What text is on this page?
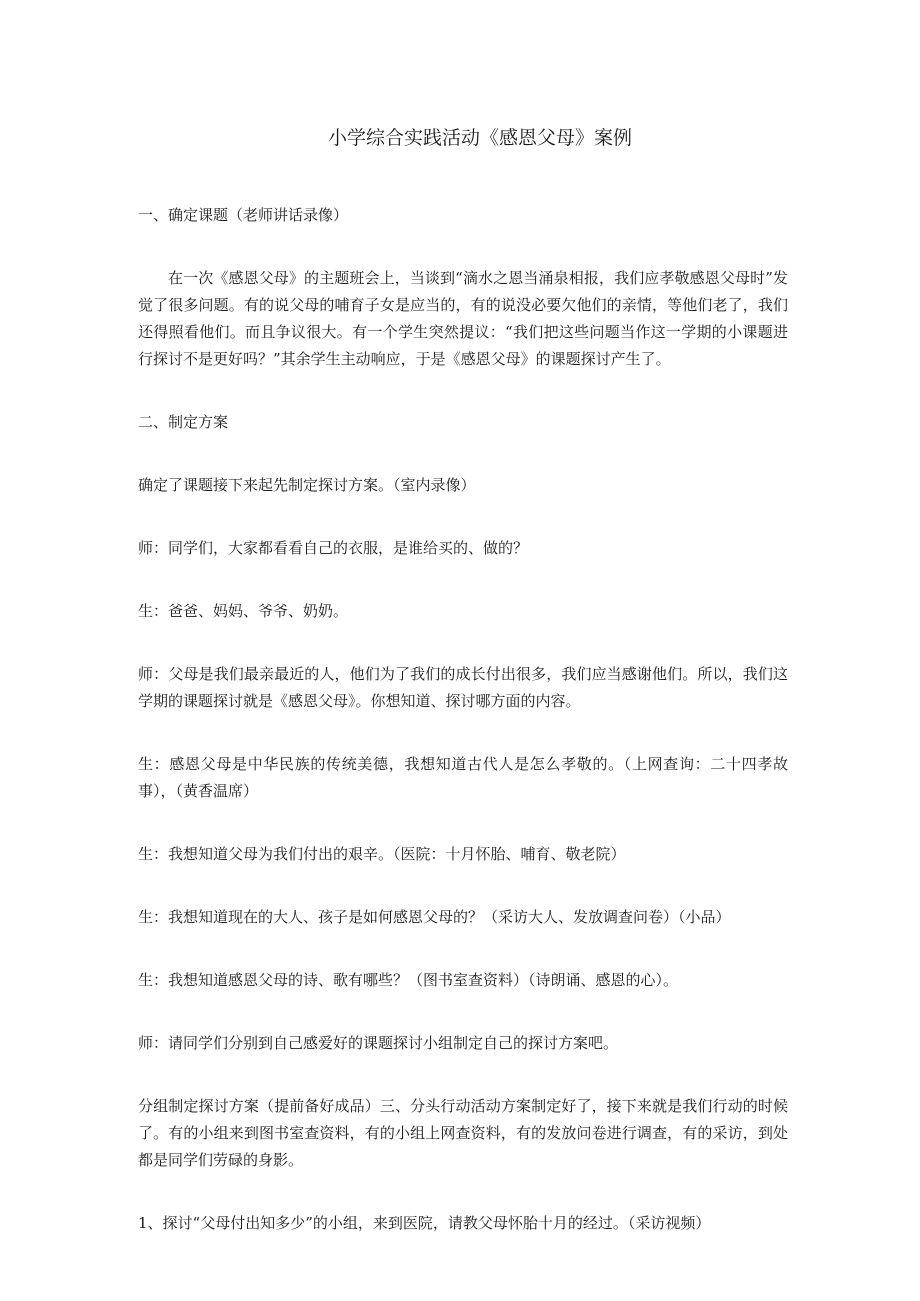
小学综合实践活动《感恩父母》案例

一、确定课题（老师讲话录像）

在一次《感恩父母》的主题班会上，当谈到“滴水之恩当涌泉相报，我们应孝敬感恩父母时”发觉了很多问题。有的说父母的哺育子女是应当的，有的说没必要欠他们的亲情，等他们老了，我们还得照看他们。而且争议很大。有一个学生突然提议：“我们把这些问题当作这一学期的小课题进行探讨不是更好吗？”其余学生主动响应，于是《感恩父母》的课题探讨产生了。

二、制定方案

确定了课题接下来起先制定探讨方案。（室内录像）

师：同学们，大家都看看自己的衣服，是谁给买的、做的？

生：爸爸、妈妈、爷爷、奶奶。

师：父母是我们最亲最近的人，他们为了我们的成长付出很多，我们应当感谢他们。所以，我们这学期的课题探讨就是《感恩父母》。你想知道、探讨哪方面的内容。

生：感恩父母是中华民族的传统美德，我想知道古代人是怎么孝敬的。（上网查询：二十四孝故事），（黄香温席）

生：我想知道父母为我们付出的艰辛。（医院：十月怀胎、哺育、敬老院）

生：我想知道现在的大人、孩子是如何感恩父母的？（采访大人、发放调查问卷）（小品）

生：我想知道感恩父母的诗、歌有哪些？（图书室查资料）（诗朗诵、感恩的心）。

师：请同学们分别到自己感爱好的课题探讨小组制定自己的探讨方案吧。

分组制定探讨方案（提前备好成品）三、分头行动活动方案制定好了，接下来就是我们行动的时候了。有的小组来到图书室查资料，有的小组上网查资料，有的发放问卷进行调查，有的采访，到处都是同学们劳碌的身影。

1、探讨“父母付出知多少”的小组，来到医院，请教父母怀胎十月的经过。（采访视频）
